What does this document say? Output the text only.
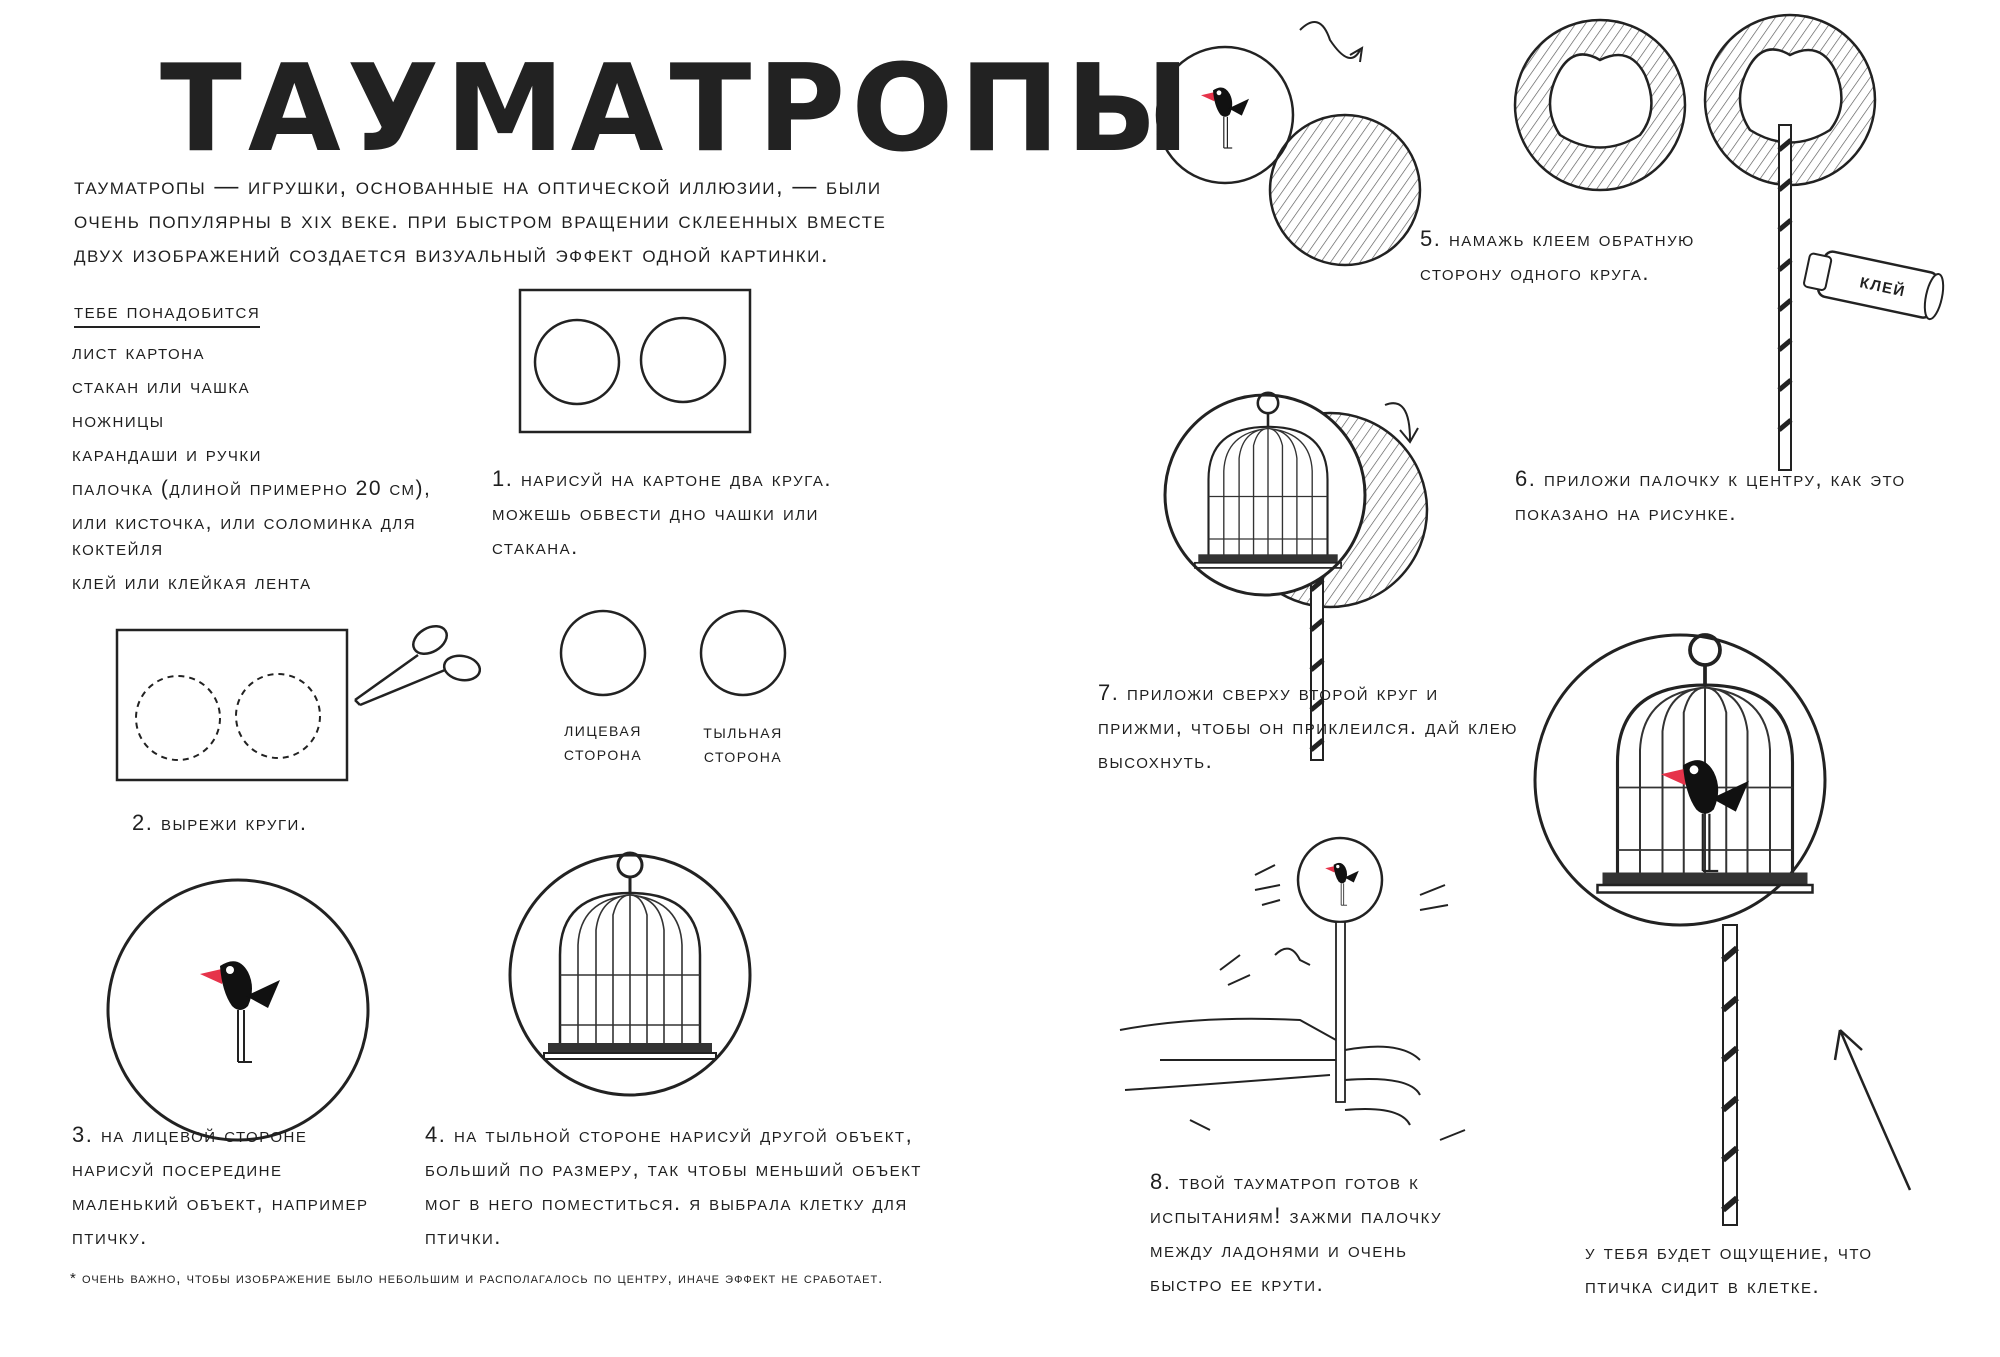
ТАУМАТРОПЫ
тауматропы — игрушки, основанные на оптической иллюзии, — были очень популярны в xix веке. при быстром вращении склеенных вместе двух изображений создается визуальный эффект одной картинки.
тебе понадобится
лист картона
стакан или чашка
ножницы
карандаши и ручки
палочка (длиной примерно 20 см),
или кисточка, или соломинка для коктейля
клей или клейкая лента
1. нарисуй на картоне два круга. можешь обвести дно чашки или стакана.
2. вырежи круги.
3. на лицевой стороне нарисуй посередине маленький объект, например птичку.
4. на тыльной стороне нарисуй другой объект, больший по размеру, так чтобы меньший объект мог в него поместиться. я выбрала клетку для птички.
лицевая сторона
тыльная сторона
5. намажь клеем обратную сторону одного круга.	клей
6. приложи палочку к центру, как это показано на рисунке.
7. приложи сверху второй круг и прижми, чтобы он приклеился. дай клею высохнуть.
8. твой тауматроп готов к испытаниям! зажми палочку между ладонями и очень быстро ее крути.
у тебя будет ощущение, что птичка сидит в клетке.
* очень важно, чтобы изображение было небольшим и располагалось по центру, иначе эффект не сработает.
